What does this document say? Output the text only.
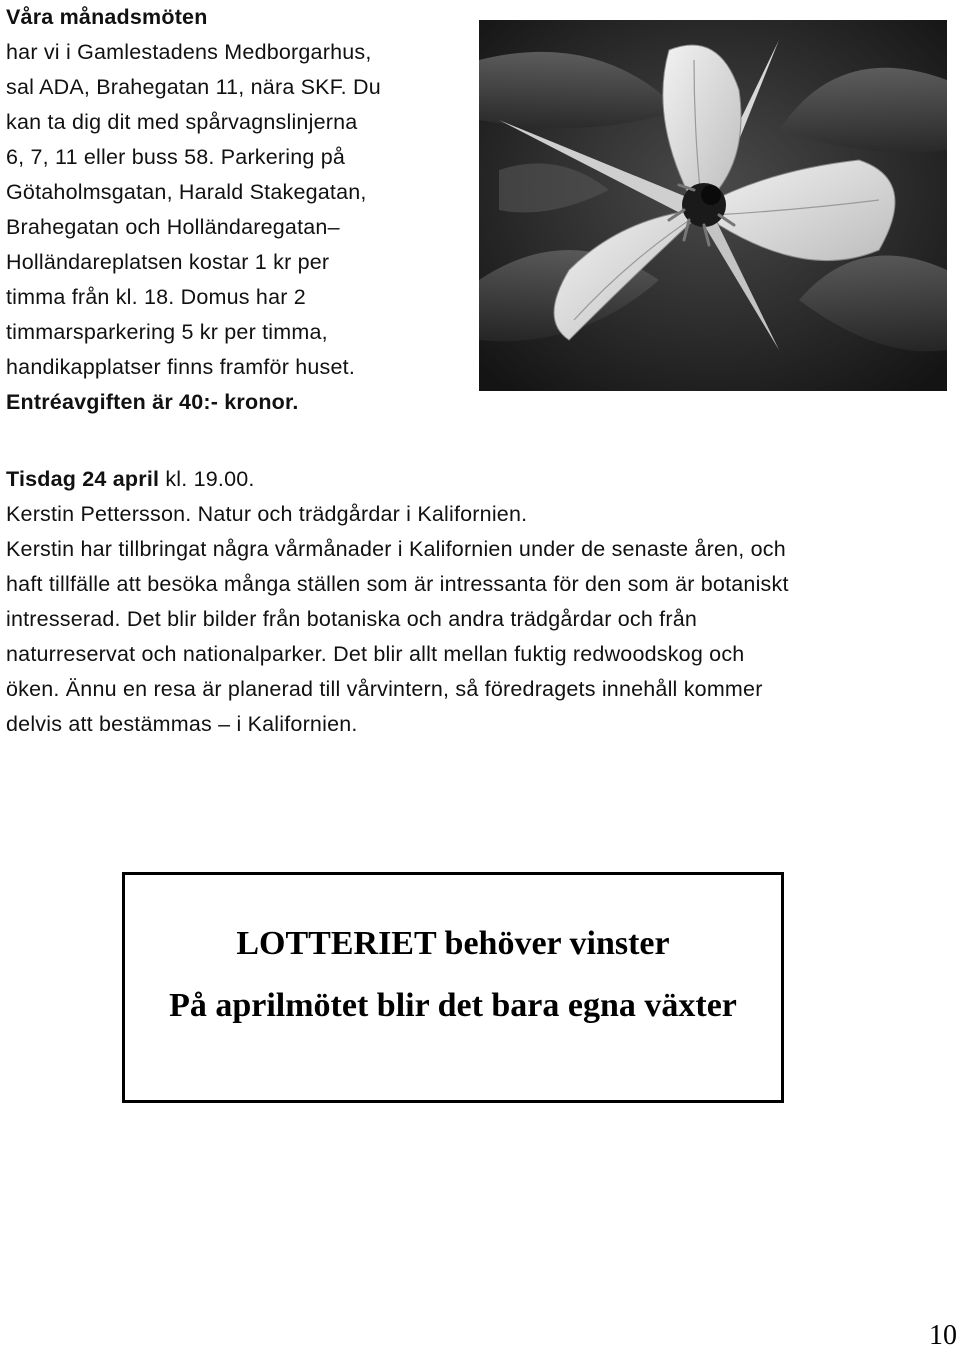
Våra månadsmöten
har vi i Gamlestadens Medborgarhus,
sal ADA, Brahegatan 11, nära SKF. Du
kan ta dig dit med spårvagnslinjerna
6, 7, 11 eller buss 58. Parkering på
Götaholmsgatan, Harald Stakegatan,
Brahegatan och Holländaregatan–
Holländareplatsen kostar 1 kr per
timma från kl. 18. Domus har 2
timmarsparkering 5 kr per timma,
handikapplatser finns framför huset.
Entréavgiften är 40:- kronor.
Tisdag 24 april kl. 19.00.
Kerstin Pettersson. Natur och trädgårdar i Kalifornien.
Kerstin har tillbringat några vårmånader i Kalifornien under de senaste åren, och
haft tillfälle att besöka många ställen som är intressanta för den som är botaniskt
intresserad. Det blir bilder från botaniska och andra trädgårdar och från
naturreservat och nationalparker. Det blir allt mellan fuktig redwoodskog och
öken. Ännu en resa är planerad till vårvintern, så föredragets innehåll kommer
delvis att bestämmas – i Kalifornien.
LOTTERIET behöver vinster
På aprilmötet blir det bara egna växter
10
